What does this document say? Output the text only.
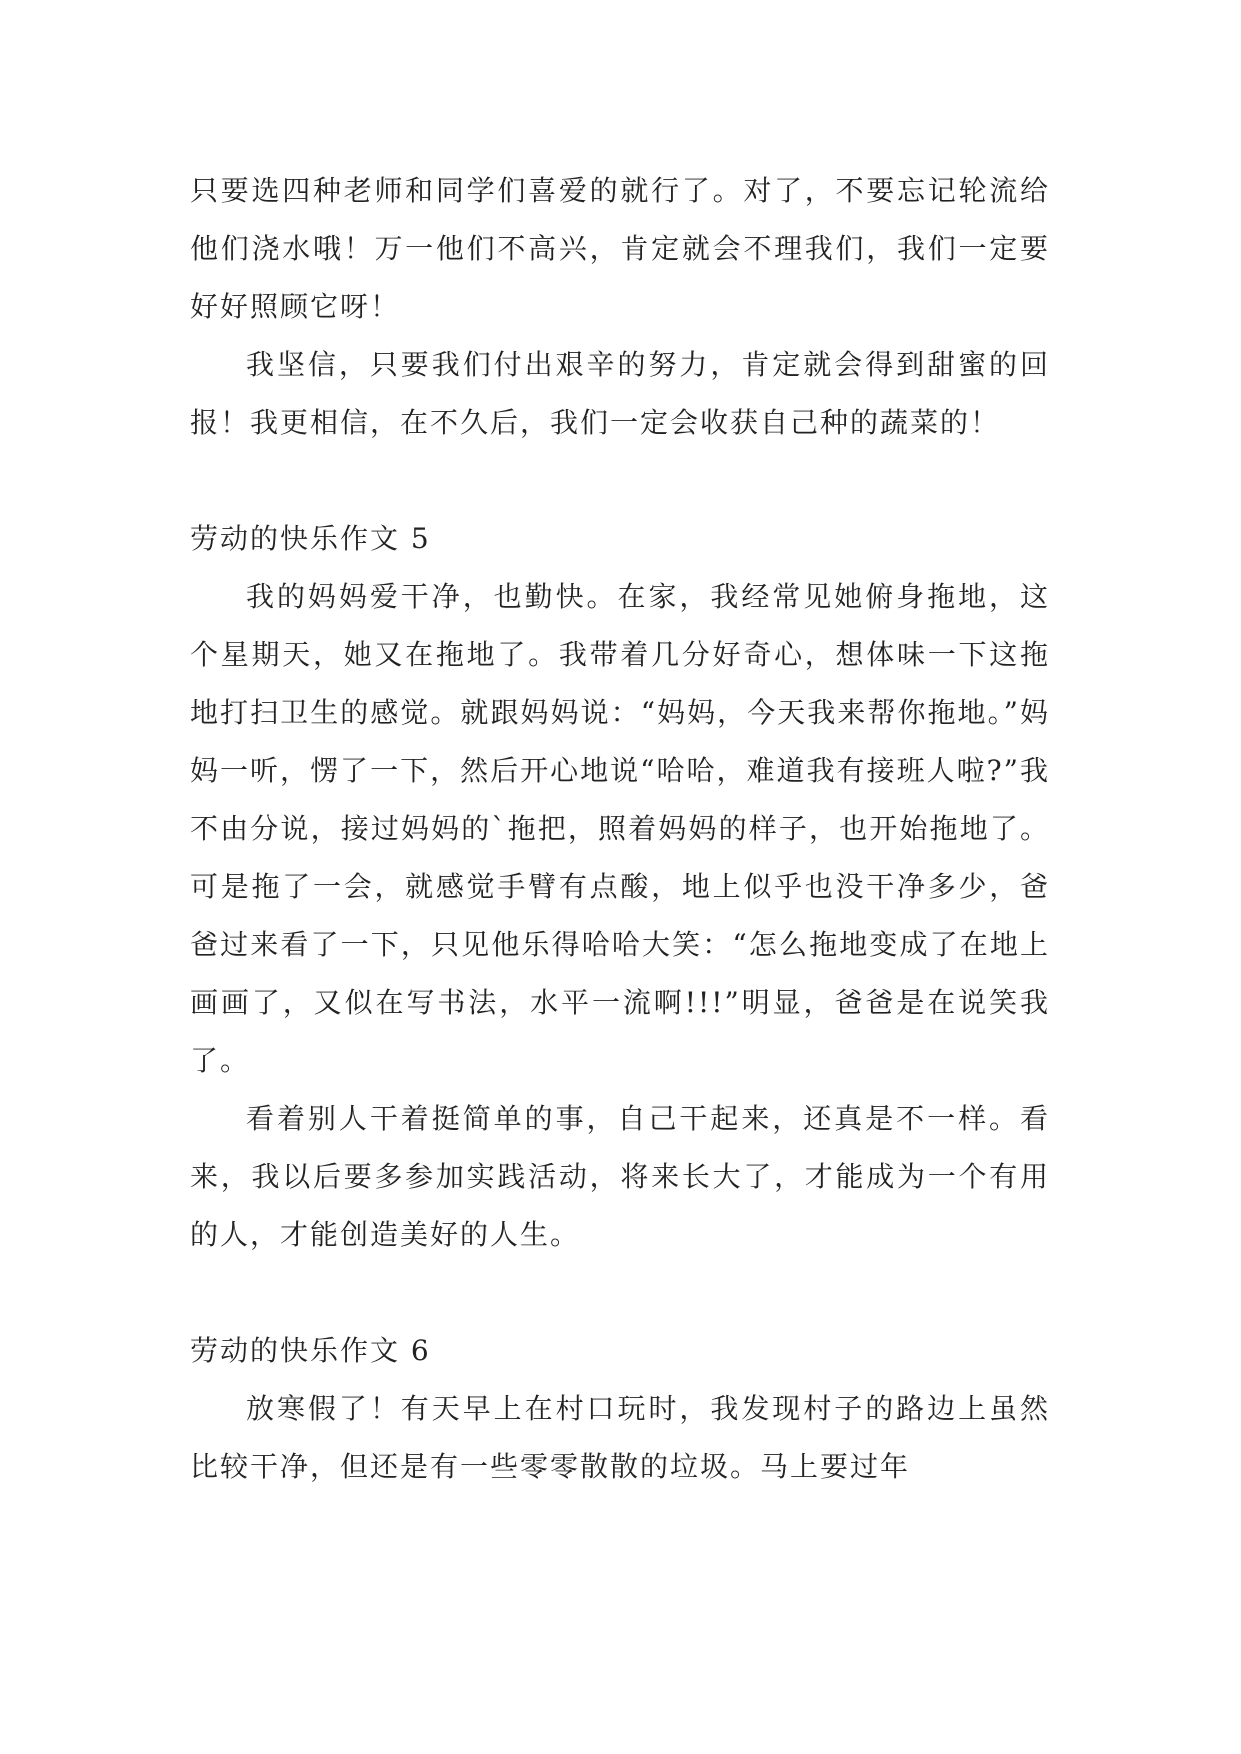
只要选四种老师和同学们喜爱的就行了。对了，不要忘记轮流给他们浇水哦！万一他们不高兴，肯定就会不理我们，我们一定要好好照顾它呀！

我坚信，只要我们付出艰辛的努力，肯定就会得到甜蜜的回报！我更相信，在不久后，我们一定会收获自己种的蔬菜的！

劳动的快乐作文 5

我的妈妈爱干净，也勤快。在家，我经常见她俯身拖地，这个星期天，她又在拖地了。我带着几分好奇心，想体味一下这拖地打扫卫生的感觉。就跟妈妈说：“妈妈，今天我来帮你拖地。”妈妈一听，愣了一下，然后开心地说“哈哈，难道我有接班人啦?”我不由分说，接过妈妈的`拖把，照着妈妈的样子，也开始拖地了。可是拖了一会，就感觉手臂有点酸，地上似乎也没干净多少，爸爸过来看了一下，只见他乐得哈哈大笑：“怎么拖地变成了在地上画画了，又似在写书法，水平一流啊!!!”明显，爸爸是在说笑我了。

看着别人干着挺简单的事，自己干起来，还真是不一样。看来，我以后要多参加实践活动，将来长大了，才能成为一个有用的人，才能创造美好的人生。

劳动的快乐作文 6

放寒假了！有天早上在村口玩时，我发现村子的路边上虽然比较干净，但还是有一些零零散散的垃圾。马上要过年
